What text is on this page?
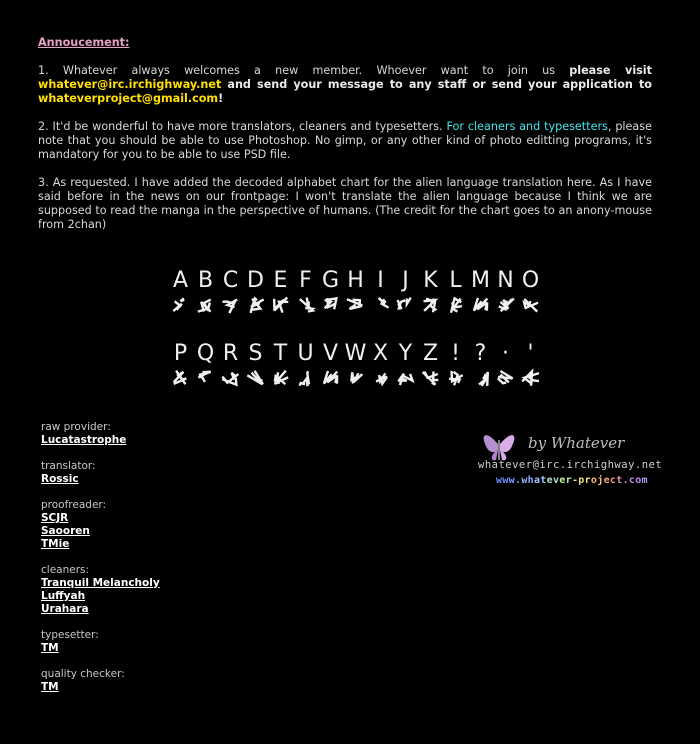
Annoucement:

1. Whatever always welcomes a new member. Whoever want to join us please visit whatever@irc.irchighway.net and send your message to any staff or send your application to whateverproject@gmail.com!

2. It'd be wonderful to have more translators, cleaners and typesetters. For cleaners and typesetters, please note that you should be able to use Photoshop. No gimp, or any other kind of photo editting programs, it's mandatory for you to be able to use PSD file.

3. As requested. I have added the decoded alphabet chart for the alien language translation here. As I have said before in the news on our frontpage: I won't translate the alien language because I think we are supposed to read the manga in the perspective of humans. (The credit for the chart goes to an anony-mouse from 2chan)

A B C D E F G H I J K L M N O
P Q R S T U V W X Y Z ! ? · '
raw provider:
Lucatastrophe
translator:
Rossic
proofreader:
SCJR
Saooren
TMie
cleaners:
Tranquil Melancholy
Luffyah
Urahara
typesetter:
TM
quality checker:
TM
by Whatever
whatever@irc.irchighway.net
www.whatever-project.com
